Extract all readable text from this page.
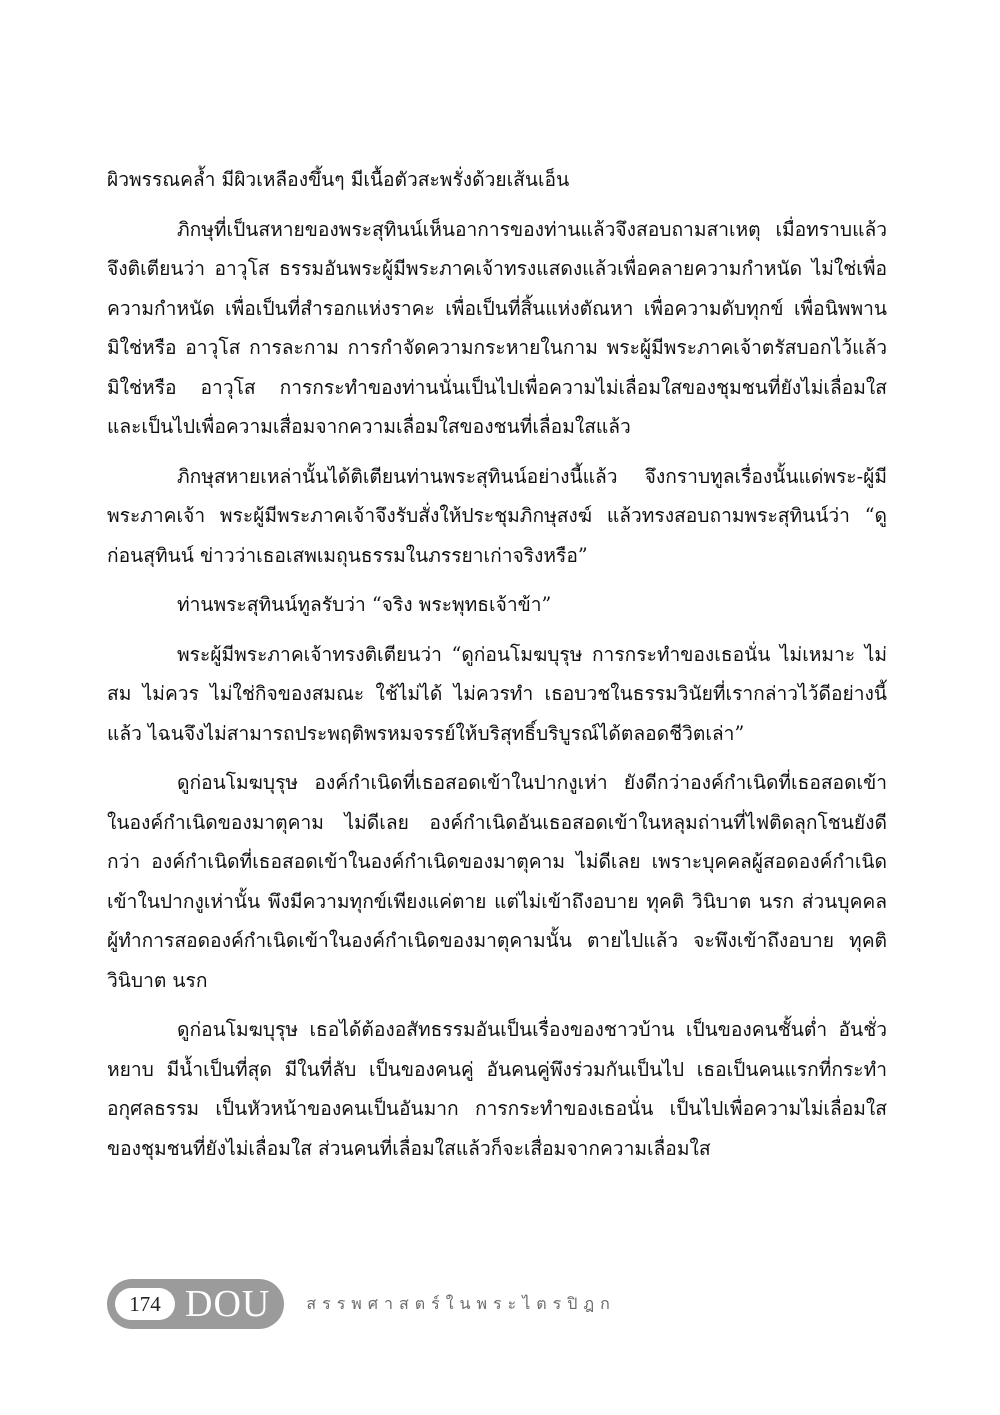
ผิวพรรณคล้ำ มีผิวเหลืองขึ้นๆ มีเนื้อตัวสะพรั่งด้วยเส้นเอ็น

ภิกษุที่เป็นสหายของพระสุทินน์เห็นอาการของท่านแล้วจึงสอบถามสาเหตุ เมื่อทราบแล้วจึงติเตียนว่า อาวุโส ธรรมอันพระผู้มีพระภาคเจ้าทรงแสดงแล้วเพื่อคลายความกำหนัด ไม่ใช่เพื่อความกำหนัด เพื่อเป็นที่สำรอกแห่งราคะ เพื่อเป็นที่สิ้นแห่งตัณหา เพื่อความดับทุกข์ เพื่อนิพพานมิใช่หรือ อาวุโส การละกาม การกำจัดความกระหายในกาม พระผู้มีพระภาคเจ้าตรัสบอกไว้แล้วมิใช่หรือ อาวุโส การกระทำของท่านนั่นเป็นไปเพื่อความไม่เลื่อมใสของชุมชนที่ยังไม่เลื่อมใส และเป็นไปเพื่อความเสื่อมจากความเลื่อมใสของชนที่เลื่อมใสแล้ว

ภิกษุสหายเหล่านั้นได้ติเตียนท่านพระสุทินน์อย่างนี้แล้ว จึงกราบทูลเรื่องนั้นแด่พระ-ผู้มีพระภาคเจ้า พระผู้มีพระภาคเจ้าจึงรับสั่งให้ประชุมภิกษุสงฆ์ แล้วทรงสอบถามพระสุทินน์ว่า “ดูก่อนสุทินน์ ข่าวว่าเธอเสพเมถุนธรรมในภรรยาเก่าจริงหรือ”

ท่านพระสุทินน์ทูลรับว่า “จริง พระพุทธเจ้าข้า”

พระผู้มีพระภาคเจ้าทรงติเตียนว่า “ดูก่อนโมฆบุรุษ การกระทำของเธอนั่น ไม่เหมาะ ไม่สม ไม่ควร ไม่ใช่กิจของสมณะ ใช้ไม่ได้ ไม่ควรทำ เธอบวชในธรรมวินัยที่เรากล่าวไว้ดีอย่างนี้แล้ว ไฉนจึงไม่สามารถประพฤติพรหมจรรย์ให้บริสุทธิ์บริบูรณ์ได้ตลอดชีวิตเล่า”

ดูก่อนโมฆบุรุษ องค์กำเนิดที่เธอสอดเข้าในปากงูเห่า ยังดีกว่าองค์กำเนิดที่เธอสอดเข้าในองค์กำเนิดของมาตุคาม ไม่ดีเลย องค์กำเนิดอันเธอสอดเข้าในหลุมถ่านที่ไฟติดลุกโชนยังดีกว่า องค์กำเนิดที่เธอสอดเข้าในองค์กำเนิดของมาตุคาม ไม่ดีเลย เพราะบุคคลผู้สอดองค์กำเนิดเข้าในปากงูเห่านั้น พึงมีความทุกข์เพียงแค่ตาย แต่ไม่เข้าถึงอบาย ทุคติ วินิบาต นรก ส่วนบุคคลผู้ทำการสอดองค์กำเนิดเข้าในองค์กำเนิดของมาตุคามนั้น ตายไปแล้ว จะพึงเข้าถึงอบาย ทุคติ วินิบาต นรก

ดูก่อนโมฆบุรุษ เธอได้ต้องอสัทธรรมอันเป็นเรื่องของชาวบ้าน เป็นของคนชั้นต่ำ อันชั่วหยาบ มีน้ำเป็นที่สุด มีในที่ลับ เป็นของคนคู่ อันคนคู่พึงร่วมกันเป็นไป เธอเป็นคนแรกที่กระทำอกุศลธรรม เป็นหัวหน้าของคนเป็นอันมาก การกระทำของเธอนั่น เป็นไปเพื่อความไม่เลื่อมใสของชุมชนที่ยังไม่เลื่อมใส ส่วนคนที่เลื่อมใสแล้วก็จะเสื่อมจากความเลื่อมใส

174 DOU สรรพศาสตร์ในพระไตรปิฎก
